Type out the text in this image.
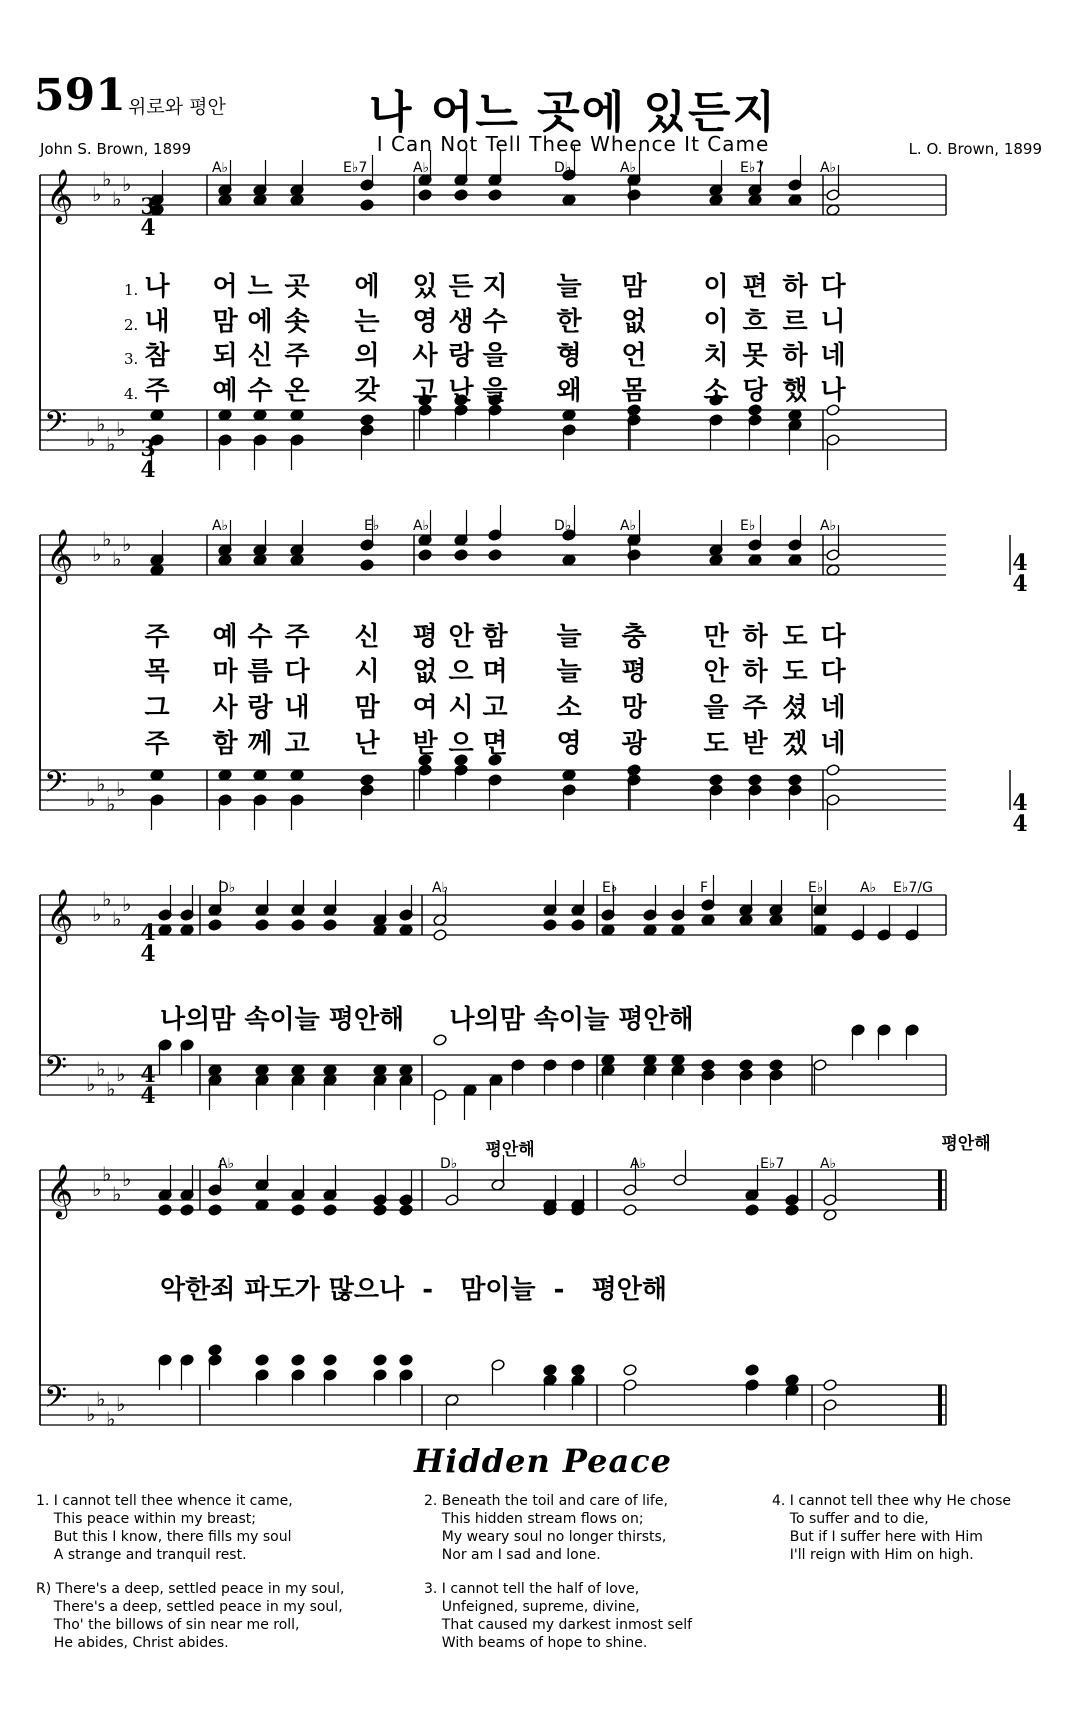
591 위로와 평안	나 어느 곳에 있든지
I Can Not Tell Thee Whence It Came
John S. Brown, 1899	L. O. Brown, 1899
𝄞
𝄢
♭
♭
♭
♭
♭
♭
♭
♭
𝄞
𝄢
♭
♭
♭
♭
♭
♭
♭
♭
𝄞
𝄢
♭
♭
♭
♭
♭
♭
♭
♭
𝄞
𝄢
♭
♭
♭
♭
♭
♭
♭
♭
1.
2.
3.
4.
나 어 느 곳 에 있 든 지 늘 맘 이 편 하 다
내 맘 에 솟 는 영 생 수 한 없 이 흐 르 니
참 되 신 주 의 사 랑 을 형 언 치 못 하 네
주 예 수 온 갖 고 난 을 왜 몸 소 당 했 나
A♭	E♭7	A♭	D♭	A♭	E♭7	A♭
3
4
3
4
주 예 수 주 신 평 안 함 늘 충 만 하 도 다
목 마 름 다 시 없 으 며 늘 평 안 하 도 다
그 사 랑 내 맘 여 시 고 소 망 을 주 셨 네
주 함 께 고 난 받 으 면 영 광 도 받 겠 네
A♭	E♭ A♭	D♭	A♭	E♭	A♭
4
4
4
4
D♭	A♭	E♭	F	E♭	A♭ E♭7/G
4
4
4
4
나의맘 속이늘 평안해     나의맘 속이늘 평안해
평안해	평안해
A♭	D♭	A♭	E♭7	A♭
악한죄 파도가 많으나  -   맘이늘  -   평안해
Hidden Peace
1. I cannot tell thee whence it came,
This peace within my breast;
But this I know, there fills my soul
A strange and tranquil rest.
R) There's a deep, settled peace in my soul,
There's a deep, settled peace in my soul,
Tho' the billows of sin near me roll,
He abides, Christ abides.
2. Beneath the toil and care of life,
This hidden stream flows on;
My weary soul no longer thirsts,
Nor am I sad and lone.
3. I cannot tell the half of love,
Unfeigned, supreme, divine,
That caused my darkest inmost self
With beams of hope to shine.
4. I cannot tell thee why He chose
To suffer and to die,
But if I suffer here with Him
I'll reign with Him on high.
